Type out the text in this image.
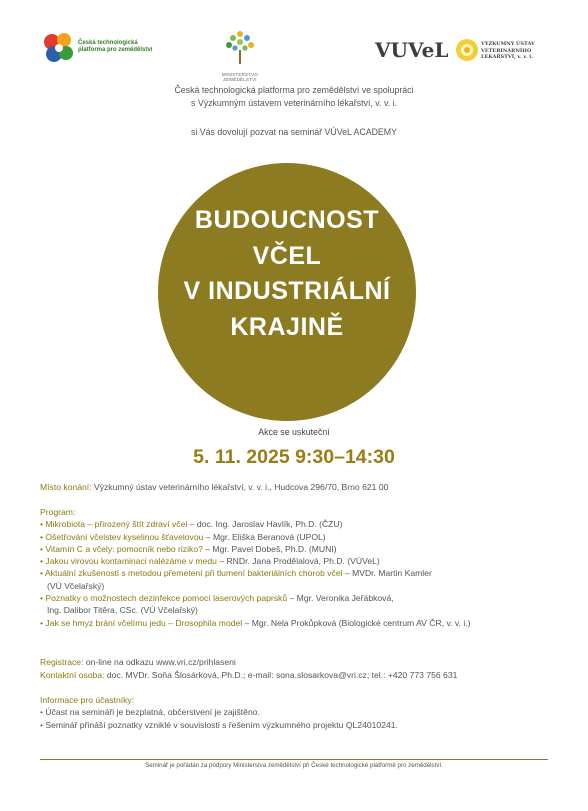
Česká technologická
platforma pro zemědělství
MINISTERSTVO ZEMĚDĚLSTVÍ
VUVeL	VÝZKUMNÝ ÚSTAV
VETERINÁRNÍHO
LÉKAŘSTVÍ, v. v. i.
Česká technologická platforma pro zemědělství ve spolupráci
s Výzkumným ústavem veterinárního lékařství, v. v. i.
si Vás dovolují pozvat na seminář VÚVeL ACADEMY
BUDOUCNOST
VČEL
V INDUSTRIÁLNÍ
KRAJINĚ
Akce se uskuteční
5. 11. 2025 9:30–14:30
Místo konání: Výzkumný ústav veterinárního lékařství, v. v. i., Hudcova 296/70, Brno 621 00
Program:
• Mikrobiota – přirozený štít zdraví včel – doc. Ing. Jaroslav Havlík, Ph.D. (ČZU)
• Ošetřování včelstev kyselinou šťavelovou – Mgr. Eliška Beranová (UPOL)
• Vitamín C a včely: pomocník nebo riziko? – Mgr. Pavel Dobeš, Ph.D. (MUNI)
• Jakou virovou kontaminaci nalézáme v medu – RNDr. Jana Prodělalová, Ph.D. (VÚVeL)
• Aktuální zkušenosti s metodou přemetení při tlumení bakteriálních chorob včel – MVDr. Martin Kamler
(VÚ Včelařský)
• Poznatky o možnostech dezinfekce pomocí laserových paprsků – Mgr. Veronika Jeřábková,
Ing. Dalibor Titěra, CSc. (VÚ Včelařský)
• Jak se hmyz brání včelímu jedu – Drosophila model – Mgr. Nela Prokůpková (Biologické centrum AV ČR, v. v. i.)
Registrace: on-line na odkazu www.vri.cz/prihlaseni
Kontaktní osoba: doc. MVDr. Soňa Šlosárková, Ph.D.; e-mail: sona.slosarkova@vri.cz; tel.: +420 773 756 631
Informace pro účastníky:
• Účast na semináři je bezplatná, občerstvení je zajištěno.
• Seminář přináší poznatky vzniklé v souvislosti s řešením výzkumného projektu QL24010241.
Seminář je pořádán za podpory Ministerstva zemědělství při České technologické platformě pro zemědělství.
